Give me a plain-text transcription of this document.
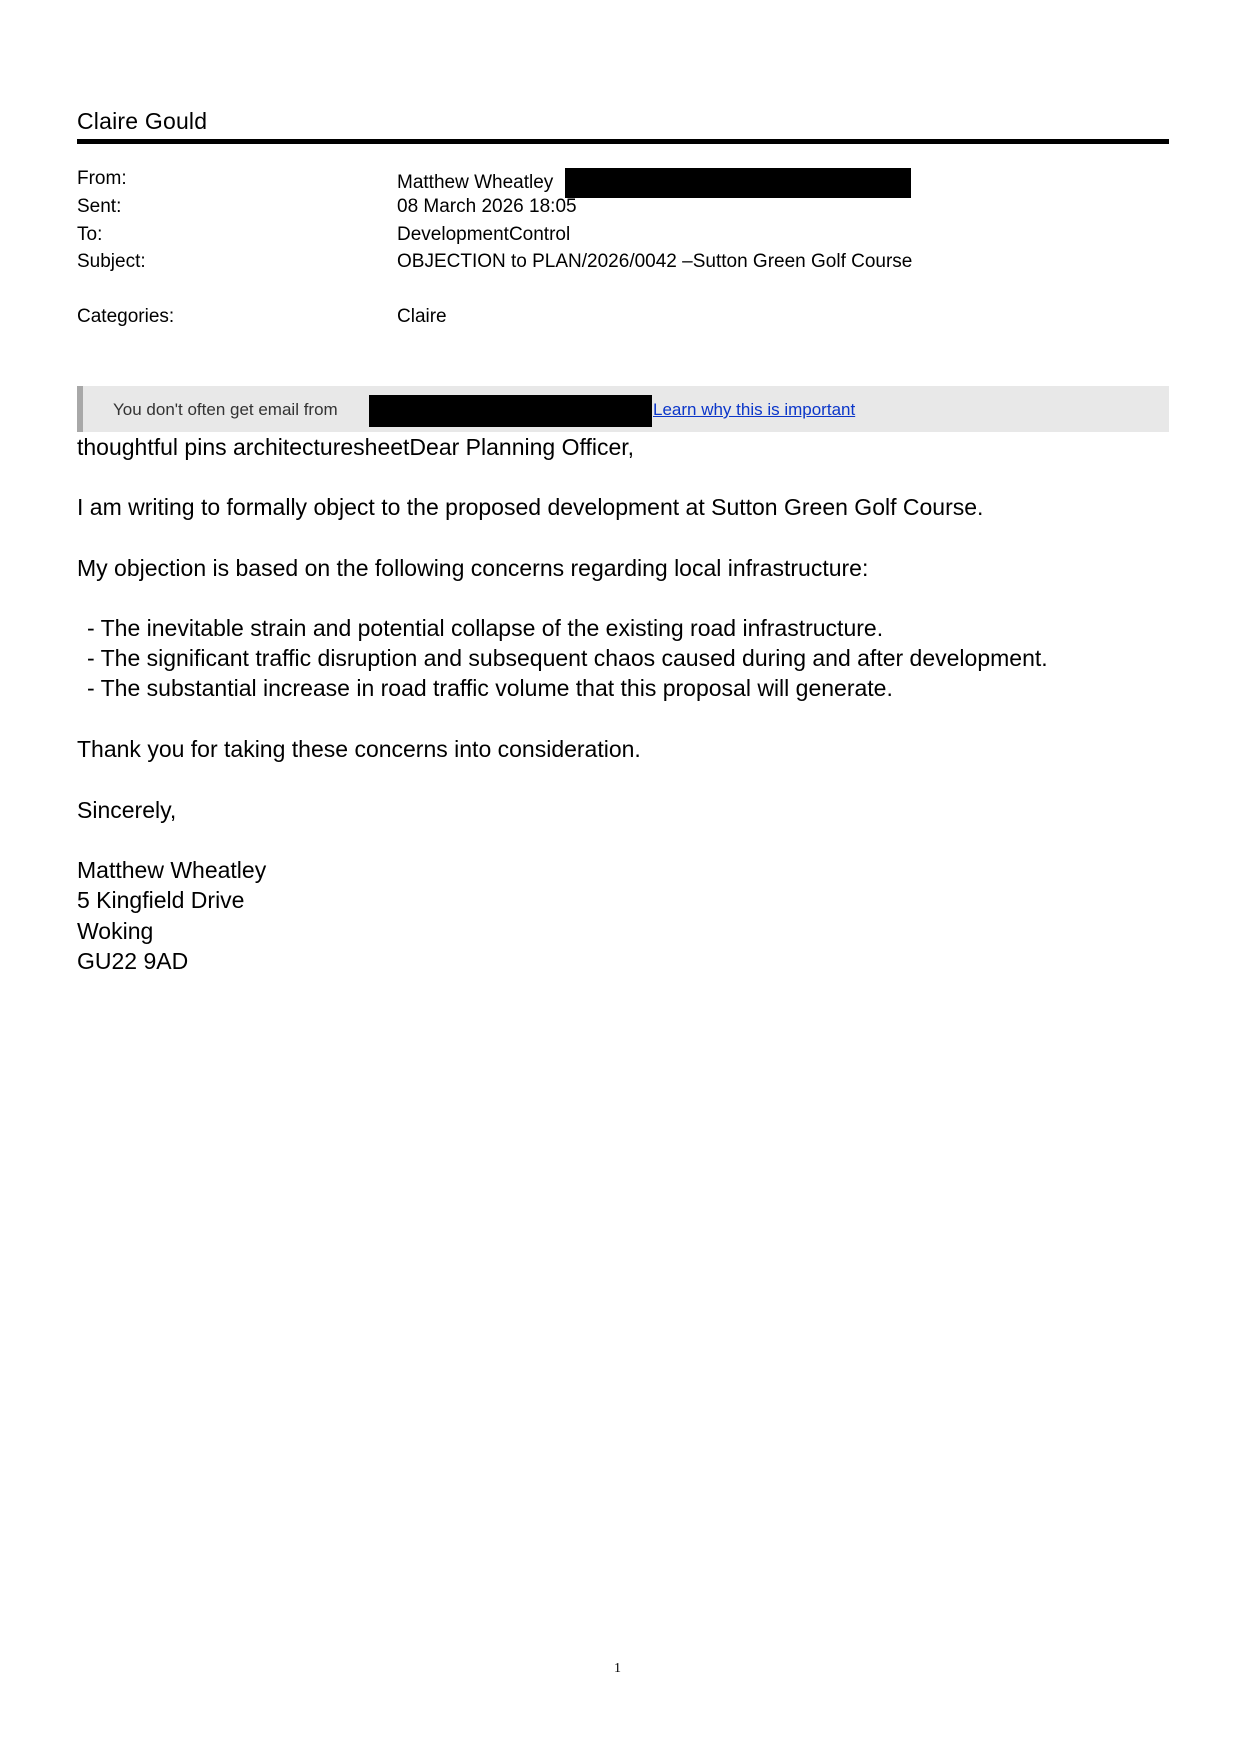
Claire Gould
From:	Matthew Wheatley
Sent:	08 March 2026 18:05
To:	DevelopmentControl
Subject:	OBJECTION to PLAN/2026/0042 –Sutton Green Golf Course
Categories:	Claire
You don't often get email from	Learn why this is important
thoughtful pins architecturesheetDear Planning Officer,
I am writing to formally object to the proposed development at Sutton Green Golf Course.
My objection is based on the following concerns regarding local infrastructure:
- The inevitable strain and potential collapse of the existing road infrastructure.
- The significant traffic disruption and subsequent chaos caused during and after development.
- The substantial increase in road traffic volume that this proposal will generate.
Thank you for taking these concerns into consideration.
Sincerely,
Matthew Wheatley
5 Kingfield Drive
Woking
GU22 9AD
1
